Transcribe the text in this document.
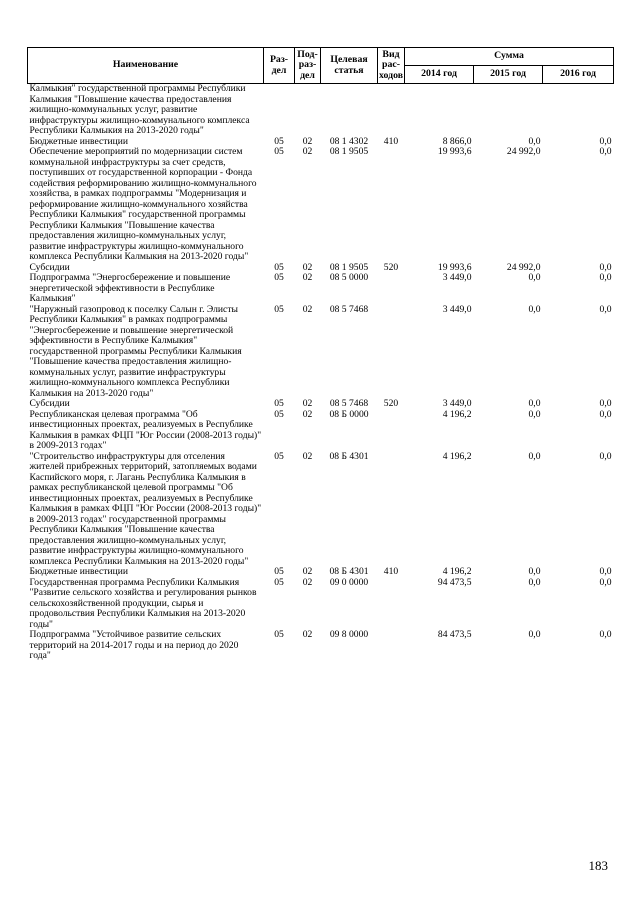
Наименование	Раз-дел	Под-раз-дел	Целевая статья	Вид рас-ходов	Сумма		
					2014 год	2015 год	2016 год
Калмыкия" государственной программы Республики Калмыкия "Повышение качества предоставления жилищно-коммунальных услуг, развитие инфраструктуры жилищно-коммунального комплекса Республики Калмыкия на 2013-2020 годы"							
Бюджетные инвестиции	05	02	08 1 4302	410	8 866,0	0,0	0,0
Обеспечение мероприятий по модернизации систем коммунальной инфраструктуры за счет средств, поступивших от государственной корпорации - Фонда содействия реформированию жилищно-коммунального хозяйства, в рамках подпрограммы "Модернизация и реформирование жилищно-коммунального хозяйства Республики Калмыкия" государственной программы Республики Калмыкия "Повышение качества предоставления жилищно-коммунальных услуг, развитие инфраструктуры жилищно-коммунального комплекса Республики Калмыкия на 2013-2020 годы"	05	02	08 1 9505		19 993,6	24 992,0	0,0
Субсидии	05	02	08 1 9505	520	19 993,6	24 992,0	0,0
Подпрограмма "Энергосбережение и повышение энергетической эффективности в Республике Калмыкия"	05	02	08 5 0000		3 449,0	0,0	0,0
"Наружный газопровод к поселку Салын г. Элисты Республики Калмыкия" в рамках подпрограммы "Энергосбережение и повышение энергетической эффективности в Республике Калмыкия" государственной программы Республики Калмыкия "Повышение качества предоставления жилищно-коммунальных услуг, развитие инфраструктуры жилищно-коммунального комплекса Республики Калмыкия на 2013-2020 годы"	05	02	08 5 7468		3 449,0	0,0	0,0
Субсидии	05	02	08 5 7468	520	3 449,0	0,0	0,0
Республиканская целевая программа "Об инвестиционных проектах, реализуемых в Республике Калмыкия в рамках ФЦП "Юг России (2008-2013 годы)" в 2009-2013 годах"	05	02	08 Б 0000		4 196,2	0,0	0,0
"Строительство инфраструктуры для отселения жителей прибрежных территорий, затопляемых водами Каспийского моря, г. Лагань Республика Калмыкия в рамках республиканской целевой программы "Об инвестиционных проектах, реализуемых в Республике Калмыкия в рамках ФЦП "Юг России (2008-2013 годы)" в 2009-2013 годах" государственной программы Республики Калмыкия "Повышение качества предоставления жилищно-коммунальных услуг, развитие инфраструктуры жилищно-коммунального комплекса Республики Калмыкия на 2013-2020 годы"	05	02	08 Б 4301		4 196,2	0,0	0,0
Бюджетные инвестиции	05	02	08 Б 4301	410	4 196,2	0,0	0,0
Государственная программа Республики Калмыкия "Развитие сельского хозяйства и регулирования рынков сельскохозяйственной продукции, сырья и продовольствия Республики Калмыкия на 2013-2020 годы"	05	02	09 0 0000		94 473,5	0,0	0,0
Подпрограмма "Устойчивое развитие сельских территорий на 2014-2017 годы и на период до 2020 года"	05	02	09 8 0000		84 473,5	0,0	0,0
183
